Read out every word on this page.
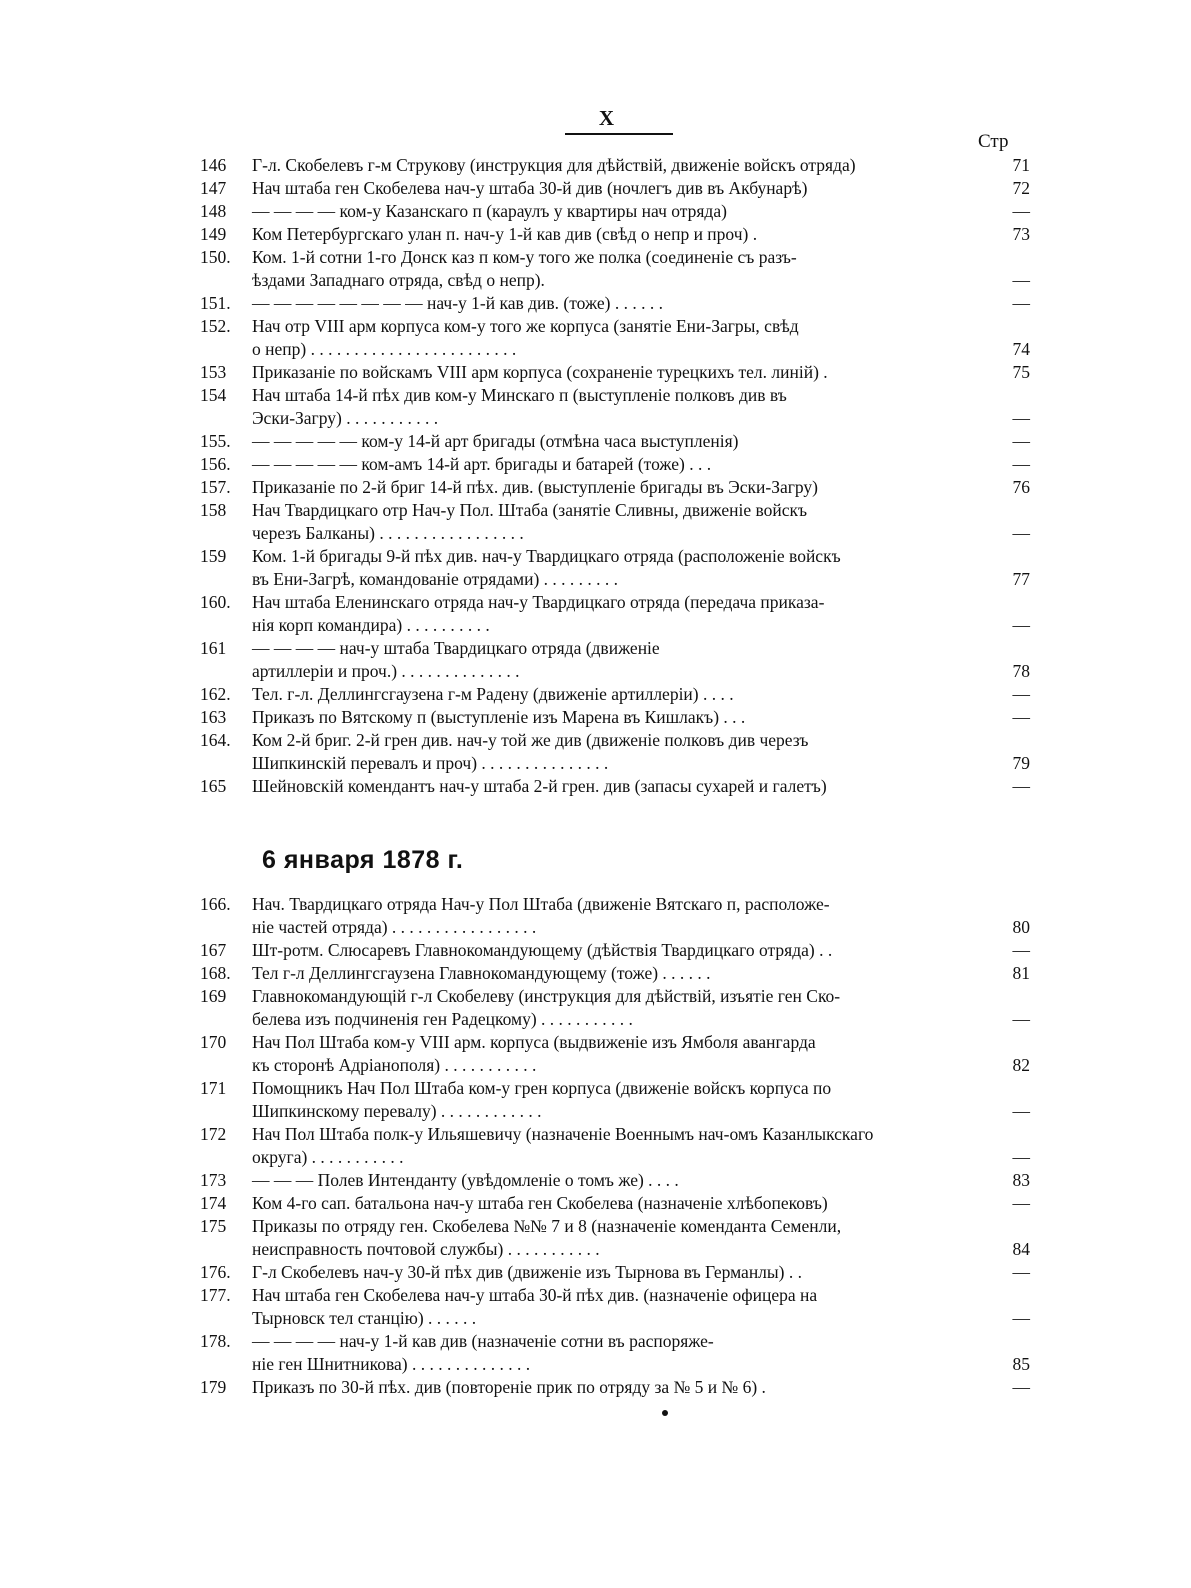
X
Стр
146	Г-л. Скобелевъ г-м Струкову (инструкция для дѣйствій, движеніе войскъ отряда)	71
147	Нач штаба ген Скобелева нач-у штаба 30-й див (ночлегъ див въ Акбунарѣ)	72
148	— — — — ком-у Казанскаго п (караулъ у квартиры нач отряда)	—
149	Ком Петербургскаго улан п. нач-у 1-й кав див (свѣд о непр и проч) .	73
150.	Ком. 1-й сотни 1-го Донск каз п ком-у того же полка (соединеніе съ разъ-
ѣздами Западнаго отряда, свѣд о непр).	—
151.	— — — — — — — — нач-у 1-й кав див. (тоже) . . . . . .	—
152.	Нач отр VIII арм корпуса ком-у того же корпуса (занятіе Ени-Загры, свѣд
о непр) . . . . . . . . . . . . . . . . . . . . . . . .	74
153	Приказаніе по войскамъ VIII арм корпуса (сохраненіе турецкихъ тел. линій) .	75
154	Нач штаба 14-й пѣх див ком-у Минскаго п (выступленіе полковъ див въ
Эски-Загру) . . . . . . . . . . .	—
155.	— — — — — ком-у 14-й арт бригады (отмѣна часа выступленія)	—
156.	— — — — — ком-амъ 14-й арт. бригады и батарей (тоже) . . .	—
157.	Приказаніе по 2-й бриг 14-й пѣх. див. (выступленіе бригады въ Эски-Загру)	76
158	Нач Твардицкаго отр Нач-у Пол. Штаба (занятіе Сливны, движеніе войскъ
черезъ Балканы) . . . . . . . . . . . . . . . . .	—
159	Ком. 1-й бригады 9-й пѣх див. нач-у Твардицкаго отряда (расположеніе войскъ
въ Ени-Загрѣ, командованіе отрядами) . . . . . . . . .	77
160.	Нач штаба Еленинскаго отряда нач-у Твардицкаго отряда (передача приказа-
нія корп командира) . . . . . . . . . .	—
161	— — — — нач-у штаба Твардицкаго отряда (движеніе
артиллеріи и проч.) . . . . . . . . . . . . . .	78
162.	Тел. г-л. Деллингсгаузена г-м Радену (движеніе артиллеріи) . . . .	—
163	Приказъ по Вятскому п (выступленіе изъ Марена въ Кишлакъ) . . .	—
164.	Ком 2-й бриг. 2-й грен див. нач-у той же див (движеніе полковъ див черезъ
Шипкинскій перевалъ и проч) . . . . . . . . . . . . . . .	79
165	Шейновскій комендантъ нач-у штаба 2-й грен. див (запасы сухарей и галетъ)	—
6 января 1878 г.
166.	Нач. Твардицкаго отряда Нач-у Пол Штаба (движеніе Вятскаго п, расположе-
ніе частей отряда) . . . . . . . . . . . . . . . . .	80
167	Шт-ротм. Слюсаревъ Главнокомандующему (дѣйствія Твардицкаго отряда) . .	—
168.	Тел г-л Деллингсгаузена Главнокомандующему (тоже) . . . . . .	81
169	Главнокомандующій г-л Скобелеву (инструкция для дѣйствій, изъятіе ген Ско-
белева изъ подчиненія ген Радецкому) . . . . . . . . . . .	—
170	Нач Пол Штаба ком-у VIII арм. корпуса (выдвиженіе изъ Ямболя авангарда
къ сторонѣ Адріанополя) . . . . . . . . . . .	82
171	Помощникъ Нач Пол Штаба ком-у грен корпуса (движеніе войскъ корпуса по
Шипкинскому перевалу) . . . . . . . . . . . .	—
172	Нач Пол Штаба полк-у Ильяшевичу (назначеніе Военнымъ нач-омъ Казанлыкскаго
округа) . . . . . . . . . . .	—
173	— — — Полев Интенданту (увѣдомленіе о томъ же) . . . .	83
174	Ком 4-го сап. батальона нач-у штаба ген Скобелева (назначеніе хлѣбопековъ)	—
175	Приказы по отряду ген. Скобелева №№ 7 и 8 (назначеніе коменданта Семенли,
неисправность почтовой службы) . . . . . . . . . . .	84
176.	Г-л Скобелевъ нач-у 30-й пѣх див (движеніе изъ Тырнова въ Германлы) . .	—
177.	Нач штаба ген Скобелева нач-у штаба 30-й пѣх див. (назначеніе офицера на
Тырновск тел станцію) . . . . . .	—
178.	— — — — нач-у 1-й кав див (назначеніе сотни въ распоряже-
ніе ген Шнитникова) . . . . . . . . . . . . . .	85
179	Приказъ по 30-й пѣх. див (повтореніе прик по отряду за № 5 и № 6) .	—
